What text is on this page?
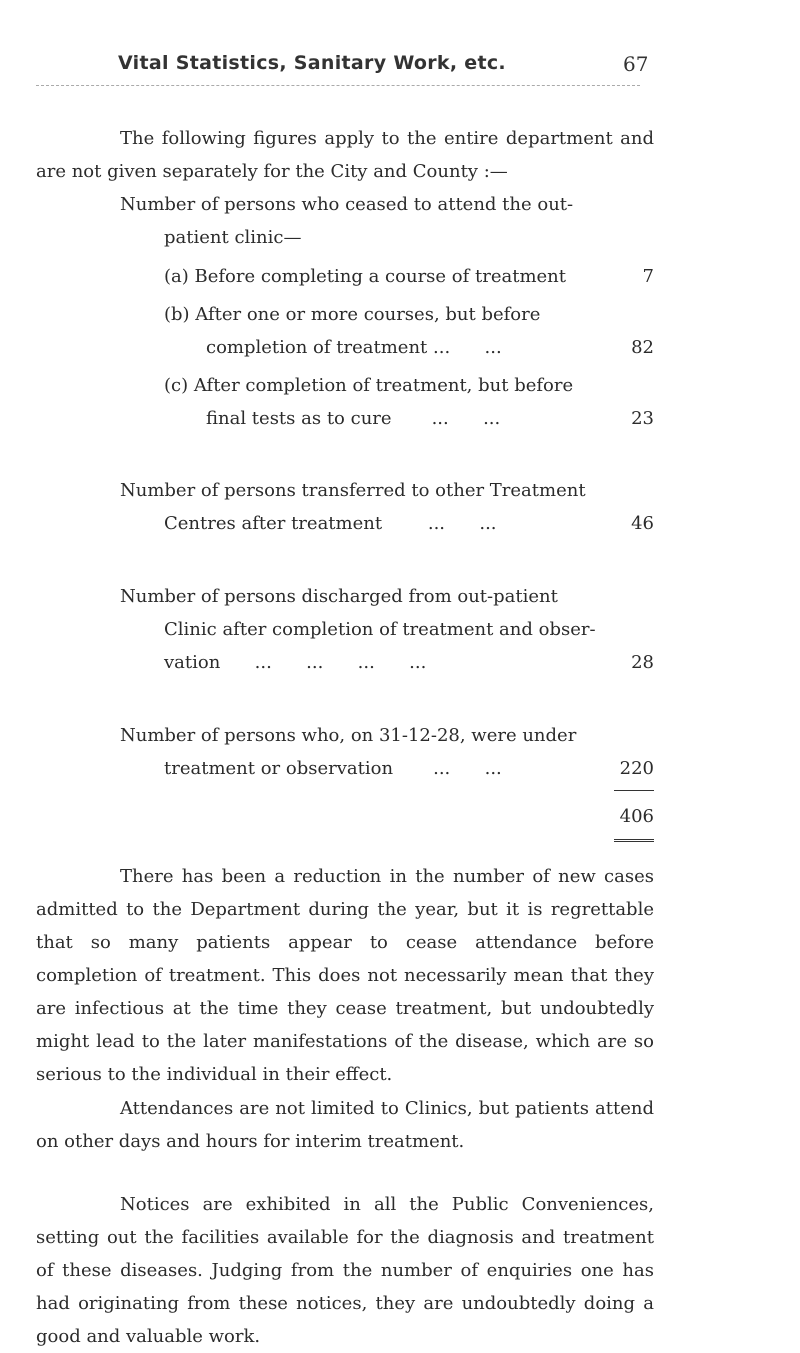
Vital Statistics, Sanitary Work, etc.	67
The following figures apply to the entire department and are not given separately for the City and County :—
Number of persons who ceased to attend the out-
patient clinic—
(a) Before completing a course of treatment	7
(b) After one or more courses, but before
completion of treatment ...      ...	82
(c) After completion of treatment, but before
final tests as to cure       ...      ...	23
Number of persons transferred to other Treatment
Centres after treatment        ...      ...	46
Number of persons discharged from out-patient
Clinic after completion of treatment and obser-
vation      ...      ...      ...      ...	28
Number of persons who, on 31-12-28, were under
treatment or observation       ...      ...	220
406
There has been a reduction in the number of new cases admitted to the Department during the year, but it is regrettable that so many patients appear to cease attendance before completion of treatment. This does not necessarily mean that they are infectious at the time they cease treatment, but undoubtedly might lead to the later manifestations of the disease, which are so serious to the individual in their effect.
Attendances are not limited to Clinics, but patients attend on other days and hours for interim treatment.
Notices are exhibited in all the Public Conveniences, setting out the facilities available for the diagnosis and treatment of these diseases. Judging from the number of enquiries one has had originating from these notices, they are undoubtedly doing a good and valuable work.
